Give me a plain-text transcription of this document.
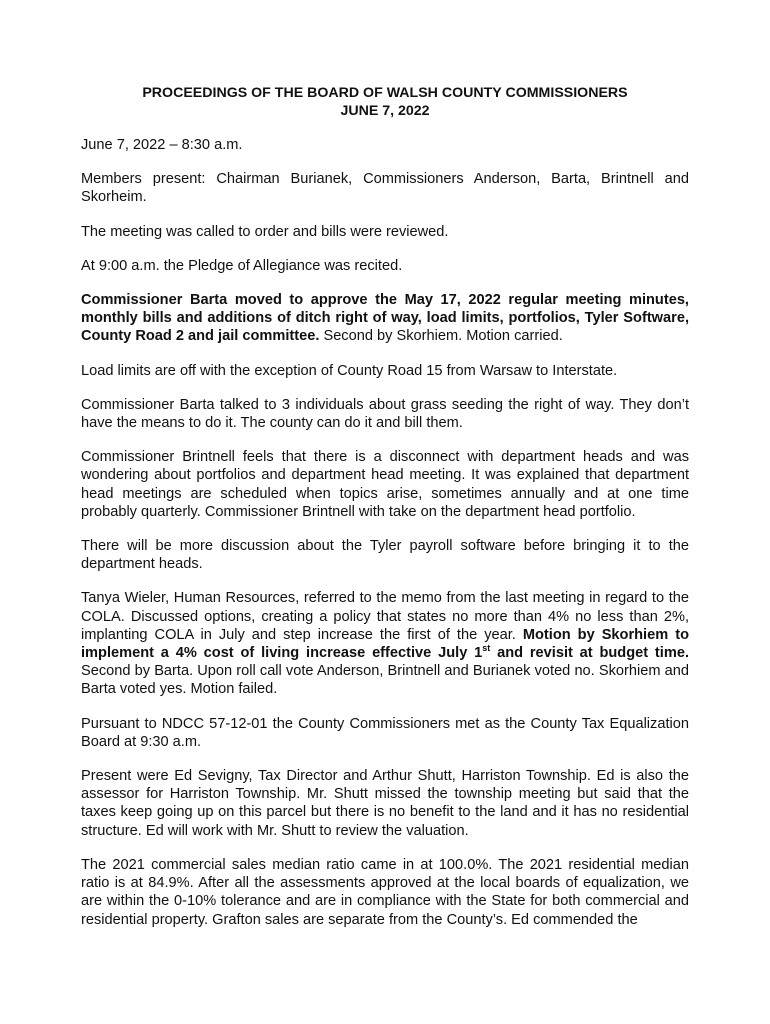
PROCEEDINGS OF THE BOARD OF WALSH COUNTY COMMISSIONERS
JUNE 7, 2022

June 7, 2022 – 8:30 a.m.

Members present: Chairman Burianek, Commissioners Anderson, Barta, Brintnell and Skorheim.

The meeting was called to order and bills were reviewed.

At 9:00 a.m. the Pledge of Allegiance was recited.

Commissioner Barta moved to approve the May 17, 2022 regular meeting minutes, monthly bills and additions of ditch right of way, load limits, portfolios, Tyler Software, County Road 2 and jail committee. Second by Skorhiem. Motion carried.

Load limits are off with the exception of County Road 15 from Warsaw to Interstate.

Commissioner Barta talked to 3 individuals about grass seeding the right of way. They don’t have the means to do it. The county can do it and bill them.

Commissioner Brintnell feels that there is a disconnect with department heads and was wondering about portfolios and department head meeting. It was explained that department head meetings are scheduled when topics arise, sometimes annually and at one time probably quarterly. Commissioner Brintnell with take on the department head portfolio.

There will be more discussion about the Tyler payroll software before bringing it to the department heads.

Tanya Wieler, Human Resources, referred to the memo from the last meeting in regard to the COLA. Discussed options, creating a policy that states no more than 4% no less than 2%, implanting COLA in July and step increase the first of the year. Motion by Skorhiem to implement a 4% cost of living increase effective July 1st and revisit at budget time. Second by Barta. Upon roll call vote Anderson, Brintnell and Burianek voted no. Skorhiem and Barta voted yes. Motion failed.

Pursuant to NDCC 57-12-01 the County Commissioners met as the County Tax Equalization Board at 9:30 a.m.

Present were Ed Sevigny, Tax Director and Arthur Shutt, Harriston Township. Ed is also the assessor for Harriston Township. Mr. Shutt missed the township meeting but said that the taxes keep going up on this parcel but there is no benefit to the land and it has no residential structure. Ed will work with Mr. Shutt to review the valuation.

The 2021 commercial sales median ratio came in at 100.0%. The 2021 residential median ratio is at 84.9%. After all the assessments approved at the local boards of equalization, we are within the 0-10% tolerance and are in compliance with the State for both commercial and residential property. Grafton sales are separate from the County’s. Ed commended the
